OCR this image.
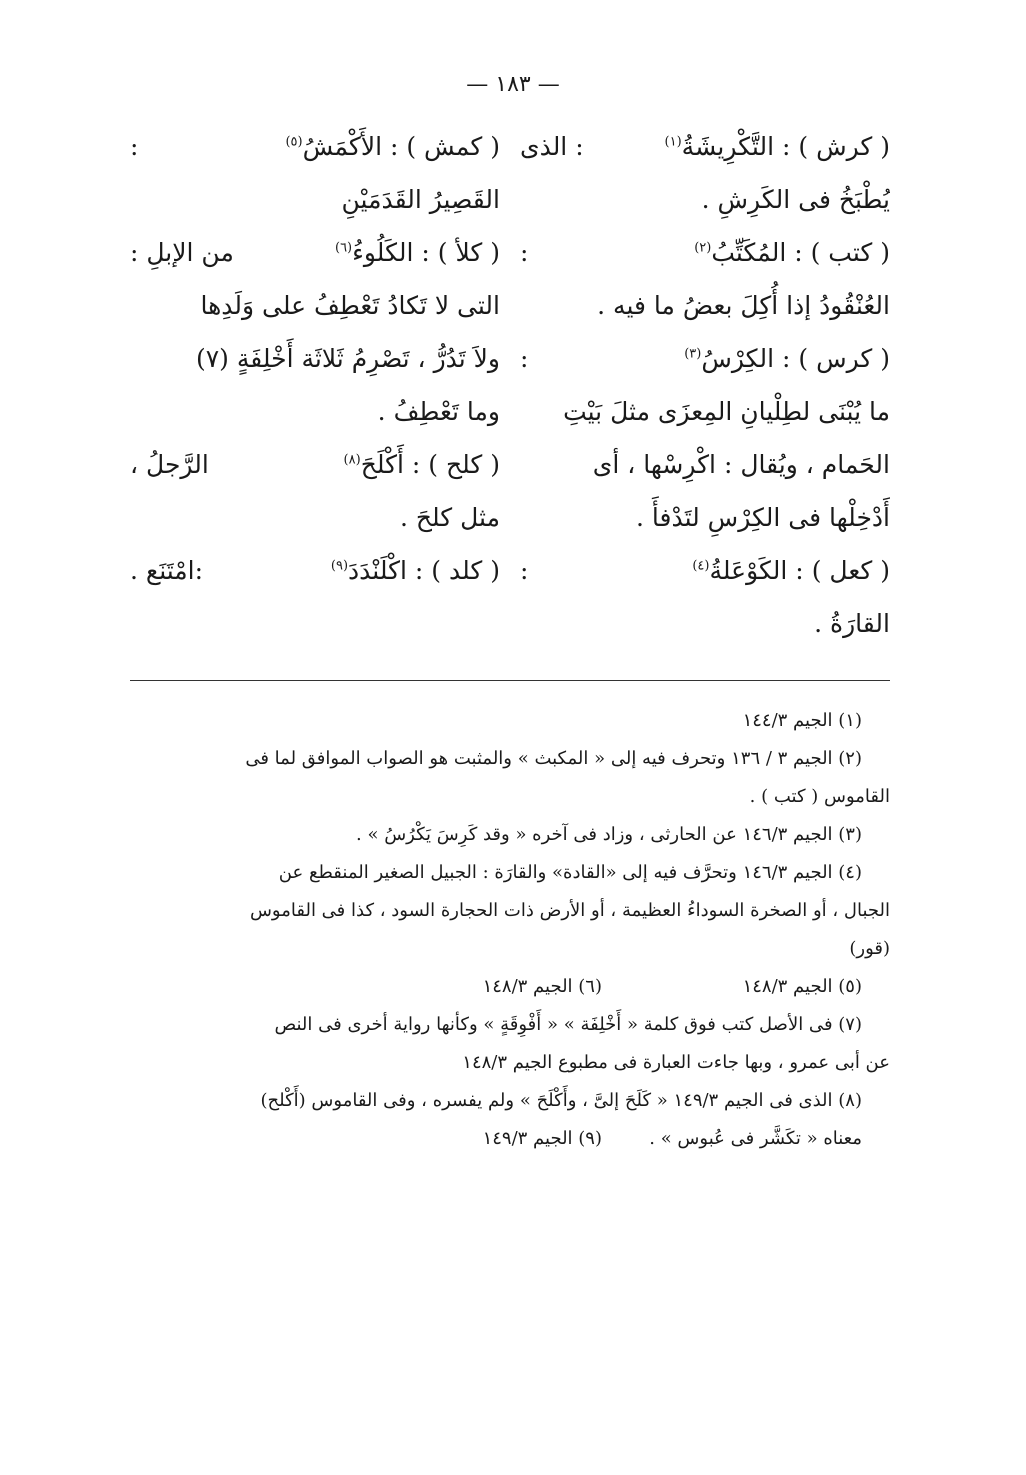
— ١٨٣ —
( كرش ) : التَّكْرِيشَةُ$^{(١)}$
: الذى
يُطْبَخُ فى الكَرِشِ .
( كتب ) : المُكَتِّبُ$^{(٢)}$
:
العُنْقُودُ إذا أُكِلَ بعضُ ما فيه .
( كرس ) : الكِرْسُ$^{(٣)}$
:
ما يُبْنَى لطِلْيانِ المِعزَى مثلَ بَيْتِ
الحَمام ، ويُقال : اكْرِسْها ، أى
أَدْخِلْها فى الكِرْسِ لتَدْفأَ .
( كعل ) : الكَوْعَلةُ$^{(٤)}$
:
القارَةُ .
( كمش ) : الأَكْمَشُ$^{(٥)}$
:
القَصِيرُ القَدَمَيْنِ
( كلأ ) : الكَلُوءُ$^{(٦)}$
من الإبلِ :
التى لا تَكادُ تَعْطِفُ على وَلَدِها
ولاَ تَدُرُّ ، تَصْرِمُ ثَلاثَة أَخْلِفَةٍ (٧)
وما تَعْطِفُ .
( كلح ) : أَكْلَحَ$^{(٨)}$
الرَّجلُ ،
مثل كلحَ .
( كلد ) : اكْلَنْدَدَ$^{(٩)}$
:امْتَنَع .
(١) الجيم ١٤٤/٣
(٢) الجيم ٣ / ١٣٦ وتحرف فيه إلى « المكبث » والمثبت هو الصواب الموافق لما فى
القاموس ( كتب ) .
(٣) الجيم ١٤٦/٣ عن الحارثى ، وزاد فى آخره « وقد كَرِسَ يَكْرُسُ » .
(٤) الجيم ١٤٦/٣ وتحرَّف فيه إلى «القادة» والقارَة : الجبيل الصغير المنقطع عن
الجبال ، أو الصخرة السوداءُ العظيمة ، أو الأرض ذات الحجارة السود ، كذا فى القاموس
(قور)
(٥) الجيم ١٤٨/٣
(٦) الجيم ١٤٨/٣
(٧) فى الأصل كتب فوق كلمة « أَخْلِفَة » « أَفْوِقَةٍ » وكأنها رواية أخرى فى النص
عن أبى عمرو ، وبها جاءت العبارة فى مطبوع الجيم ١٤٨/٣
(٨) الذى فى الجيم ١٤٩/٣ « كَلَحَ إلىَّ ، وأَكْلَحَ » ولم يفسره ، وفى القاموس (أَكْلح)
معناه « تكَشَّر فى عُبوس » .
(٩) الجيم ١٤٩/٣
